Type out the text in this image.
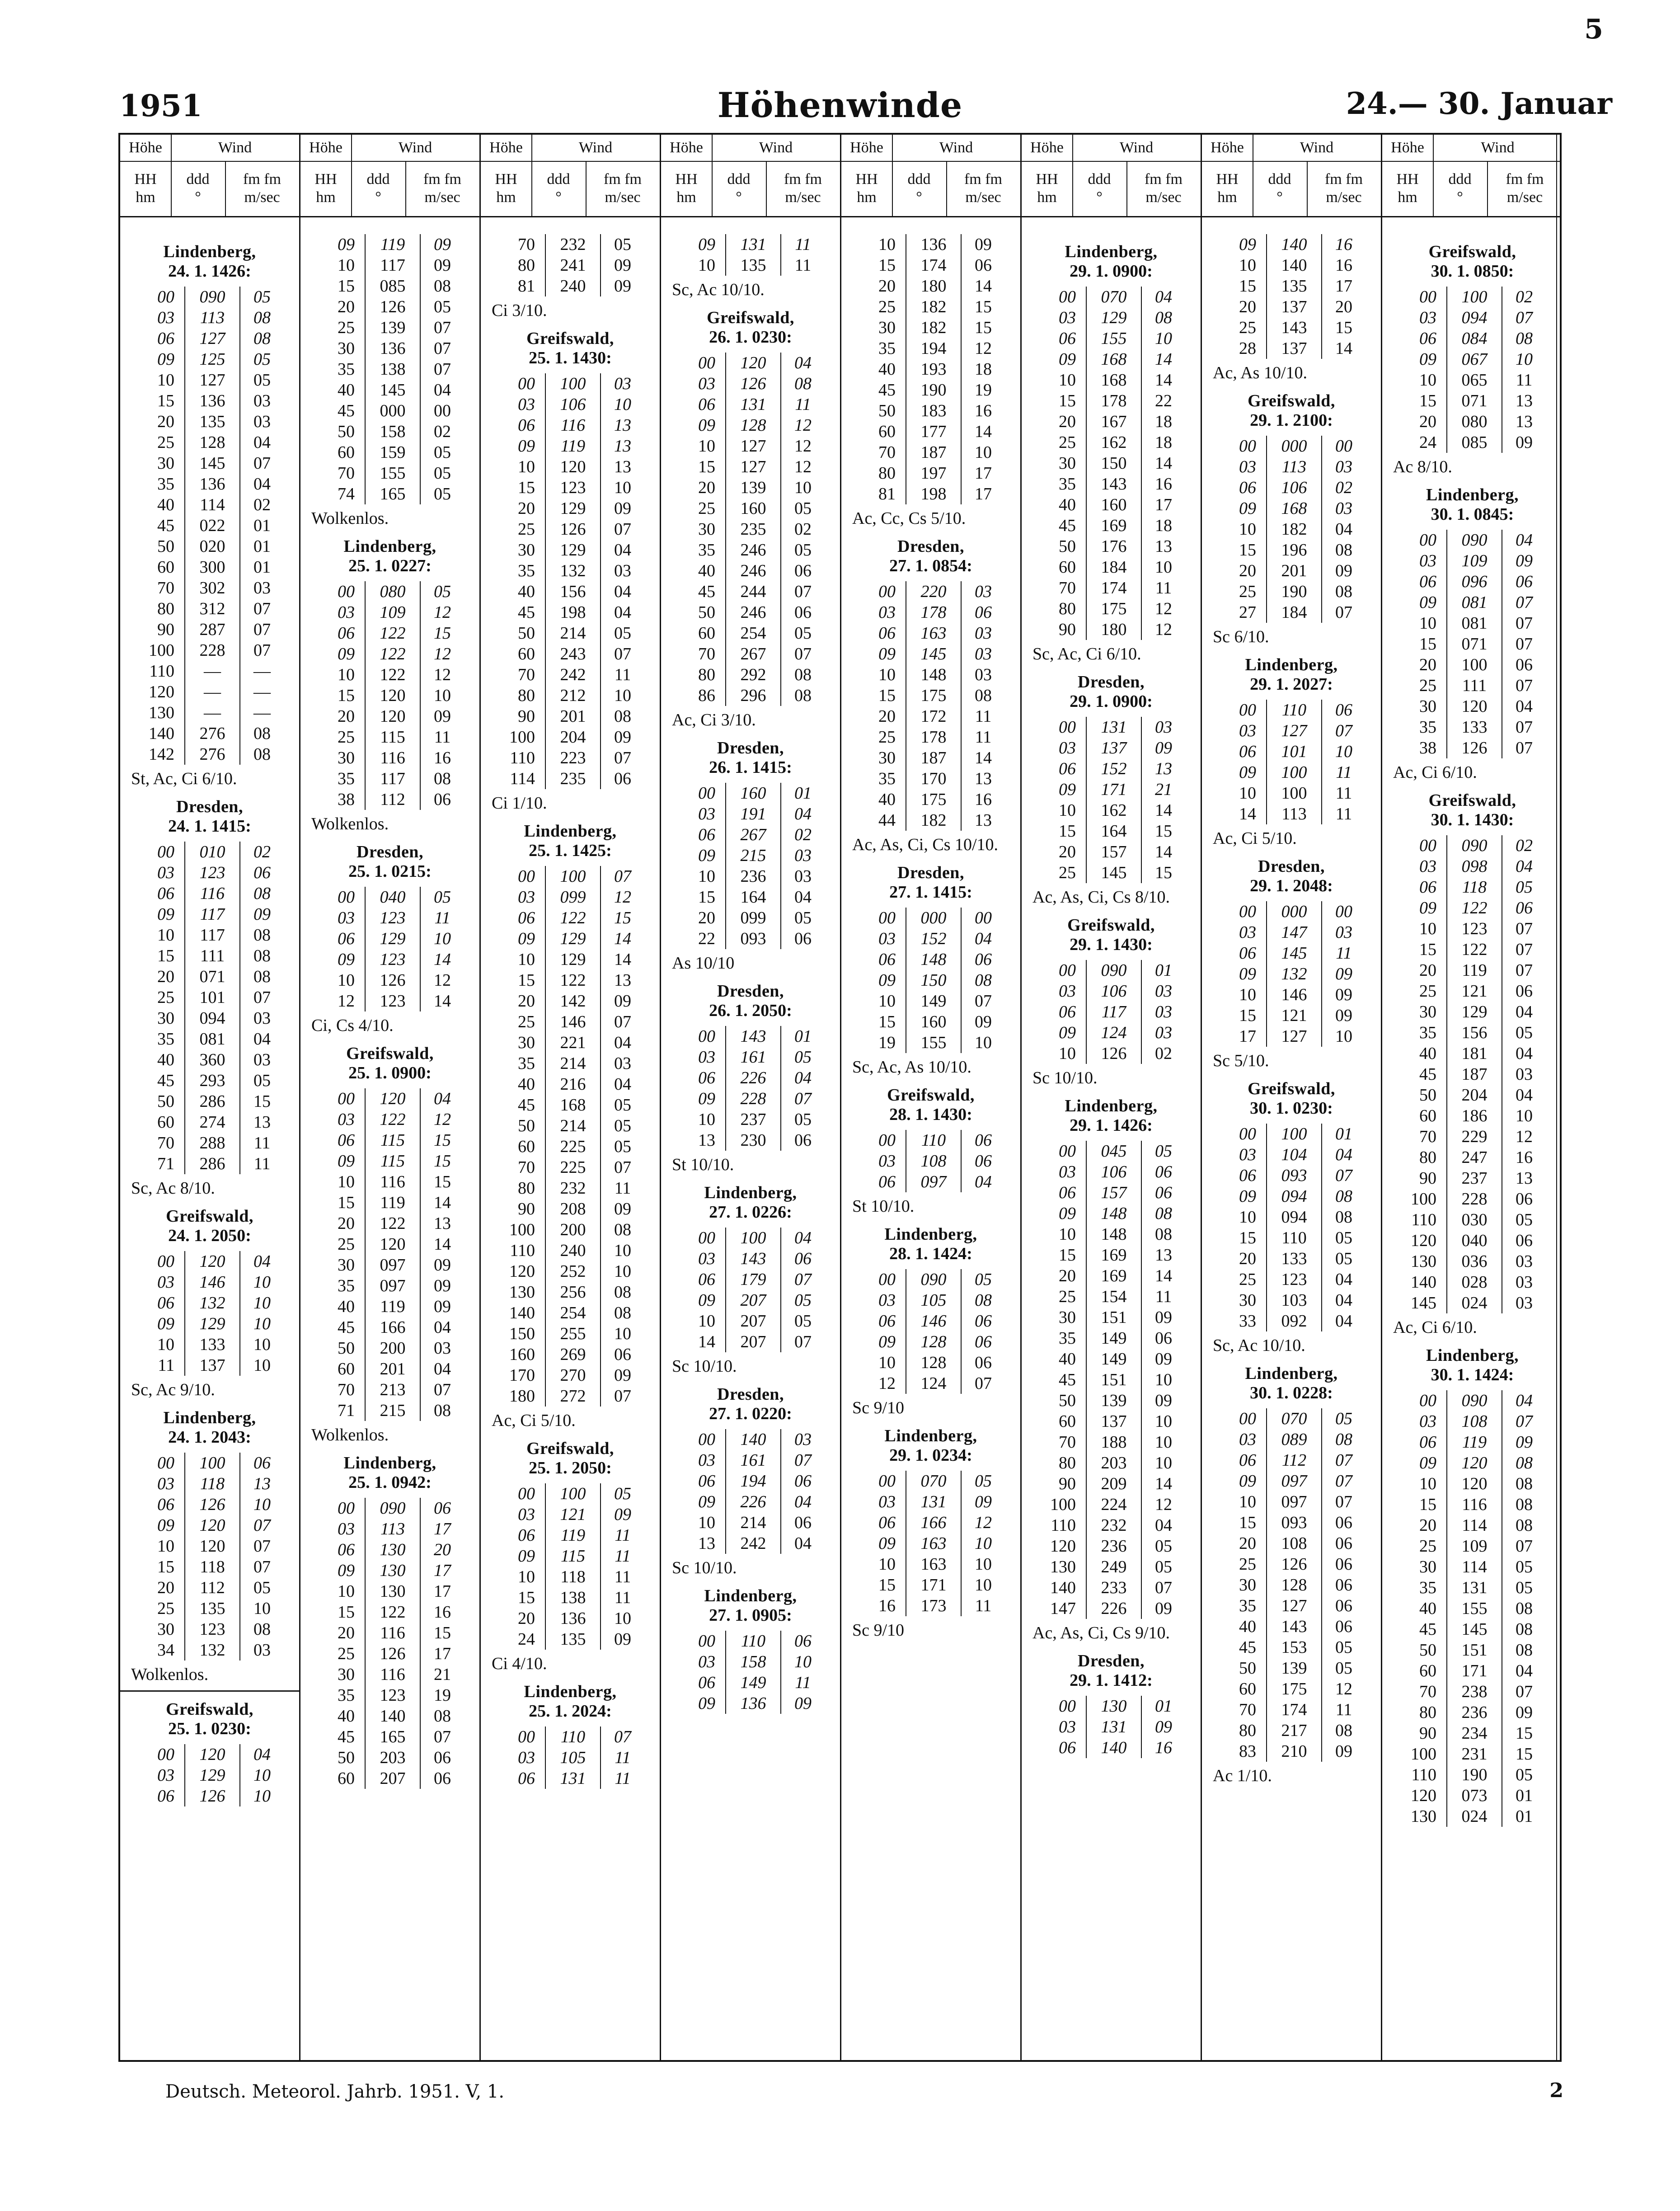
5
1951	Höhenwinde	24.— 30. Januar
Höhe	Wind
HH
hm
ddd
°
fm fm
m/sec
Lindenberg,
24. 1. 1426:
00	090	05
03	113	08
06	127	08
09	125	05
10	127	05
15	136	03
20	135	03
25	128	04
30	145	07
35	136	04
40	114	02
45	022	01
50	020	01
60	300	01
70	302	03
80	312	07
90	287	07
100	228	07
110	—	—
120	—	—
130	—	—
140	276	08
142	276	08
St, Ac, Ci 6/10.
Dresden,
24. 1. 1415:
00	010	02
03	123	06
06	116	08
09	117	09
10	117	08
15	111	08
20	071	08
25	101	07
30	094	03
35	081	04
40	360	03
45	293	05
50	286	15
60	274	13
70	288	11
71	286	11
Sc, Ac 8/10.
Greifswald,
24. 1. 2050:
00	120	04
03	146	10
06	132	10
09	129	10
10	133	10
11	137	10
Sc, Ac 9/10.
Lindenberg,
24. 1. 2043:
00	100	06
03	118	13
06	126	10
09	120	07
10	120	07
15	118	07
20	112	05
25	135	10
30	123	08
34	132	03
Wolkenlos.
Greifswald,
25. 1. 0230:
00	120	04
03	129	10
06	126	10
Höhe	Wind
HH
hm
ddd
°
fm fm
m/sec
09	119	09
10	117	09
15	085	08
20	126	05
25	139	07
30	136	07
35	138	07
40	145	04
45	000	00
50	158	02
60	159	05
70	155	05
74	165	05
Wolkenlos.
Lindenberg,
25. 1. 0227:
00	080	05
03	109	12
06	122	15
09	122	12
10	122	12
15	120	10
20	120	09
25	115	11
30	116	16
35	117	08
38	112	06
Wolkenlos.
Dresden,
25. 1. 0215:
00	040	05
03	123	11
06	129	10
09	123	14
10	126	12
12	123	14
Ci, Cs 4/10.
Greifswald,
25. 1. 0900:
00	120	04
03	122	12
06	115	15
09	115	15
10	116	15
15	119	14
20	122	13
25	120	14
30	097	09
35	097	09
40	119	09
45	166	04
50	200	03
60	201	04
70	213	07
71	215	08
Wolkenlos.
Lindenberg,
25. 1. 0942:
00	090	06
03	113	17
06	130	20
09	130	17
10	130	17
15	122	16
20	116	15
25	126	17
30	116	21
35	123	19
40	140	08
45	165	07
50	203	06
60	207	06
Höhe	Wind
HH
hm
ddd
°
fm fm
m/sec
70	232	05
80	241	09
81	240	09
Ci 3/10.
Greifswald,
25. 1. 1430:
00	100	03
03	106	10
06	116	13
09	119	13
10	120	13
15	123	10
20	129	09
25	126	07
30	129	04
35	132	03
40	156	04
45	198	04
50	214	05
60	243	07
70	242	11
80	212	10
90	201	08
100	204	09
110	223	07
114	235	06
Ci 1/10.
Lindenberg,
25. 1. 1425:
00	100	07
03	099	12
06	122	15
09	129	14
10	129	14
15	122	13
20	142	09
25	146	07
30	221	04
35	214	03
40	216	04
45	168	05
50	214	05
60	225	05
70	225	07
80	232	11
90	208	09
100	200	08
110	240	10
120	252	10
130	256	08
140	254	08
150	255	10
160	269	06
170	270	09
180	272	07
Ac, Ci 5/10.
Greifswald,
25. 1. 2050:
00	100	05
03	121	09
06	119	11
09	115	11
10	118	11
15	138	11
20	136	10
24	135	09
Ci 4/10.
Lindenberg,
25. 1. 2024:
00	110	07
03	105	11
06	131	11
Höhe	Wind
HH
hm
ddd
°
fm fm
m/sec
09	131	11
10	135	11
Sc, Ac 10/10.
Greifswald,
26. 1. 0230:
00	120	04
03	126	08
06	131	11
09	128	12
10	127	12
15	127	12
20	139	10
25	160	05
30	235	02
35	246	05
40	246	06
45	244	07
50	246	06
60	254	05
70	267	07
80	292	08
86	296	08
Ac, Ci 3/10.
Dresden,
26. 1. 1415:
00	160	01
03	191	04
06	267	02
09	215	03
10	236	03
15	164	04
20	099	05
22	093	06
As 10/10
Dresden,
26. 1. 2050:
00	143	01
03	161	05
06	226	04
09	228	07
10	237	05
13	230	06
St 10/10.
Lindenberg,
27. 1. 0226:
00	100	04
03	143	06
06	179	07
09	207	05
10	207	05
14	207	07
Sc 10/10.
Dresden,
27. 1. 0220:
00	140	03
03	161	07
06	194	06
09	226	04
10	214	06
13	242	04
Sc 10/10.
Lindenberg,
27. 1. 0905:
00	110	06
03	158	10
06	149	11
09	136	09
Höhe	Wind
HH
hm
ddd
°
fm fm
m/sec
10	136	09
15	174	06
20	180	14
25	182	15
30	182	15
35	194	12
40	193	18
45	190	19
50	183	16
60	177	14
70	187	10
80	197	17
81	198	17
Ac, Cc, Cs 5/10.
Dresden,
27. 1. 0854:
00	220	03
03	178	06
06	163	03
09	145	03
10	148	03
15	175	08
20	172	11
25	178	11
30	187	14
35	170	13
40	175	16
44	182	13
Ac, As, Ci, Cs 10/10.
Dresden,
27. 1. 1415:
00	000	00
03	152	04
06	148	06
09	150	08
10	149	07
15	160	09
19	155	10
Sc, Ac, As 10/10.
Greifswald,
28. 1. 1430:
00	110	06
03	108	06
06	097	04
St 10/10.
Lindenberg,
28. 1. 1424:
00	090	05
03	105	08
06	146	06
09	128	06
10	128	06
12	124	07
Sc 9/10
Lindenberg,
29. 1. 0234:
00	070	05
03	131	09
06	166	12
09	163	10
10	163	10
15	171	10
16	173	11
Sc 9/10
Höhe	Wind
HH
hm
ddd
°
fm fm
m/sec
Lindenberg,
29. 1. 0900:
00	070	04
03	129	08
06	155	10
09	168	14
10	168	14
15	178	22
20	167	18
25	162	18
30	150	14
35	143	16
40	160	17
45	169	18
50	176	13
60	184	10
70	174	11
80	175	12
90	180	12
Sc, Ac, Ci 6/10.
Dresden,
29. 1. 0900:
00	131	03
03	137	09
06	152	13
09	171	21
10	162	14
15	164	15
20	157	14
25	145	15
Ac, As, Ci, Cs 8/10.
Greifswald,
29. 1. 1430:
00	090	01
03	106	03
06	117	03
09	124	03
10	126	02
Sc 10/10.
Lindenberg,
29. 1. 1426:
00	045	05
03	106	06
06	157	06
09	148	08
10	148	08
15	169	13
20	169	14
25	154	11
30	151	09
35	149	06
40	149	09
45	151	10
50	139	09
60	137	10
70	188	10
80	203	10
90	209	14
100	224	12
110	232	04
120	236	05
130	249	05
140	233	07
147	226	09
Ac, As, Ci, Cs 9/10.
Dresden,
29. 1. 1412:
00	130	01
03	131	09
06	140	16
Höhe	Wind
HH
hm
ddd
°
fm fm
m/sec
09	140	16
10	140	16
15	135	17
20	137	20
25	143	15
28	137	14
Ac, As 10/10.
Greifswald,
29. 1. 2100:
00	000	00
03	113	03
06	106	02
09	168	03
10	182	04
15	196	08
20	201	09
25	190	08
27	184	07
Sc 6/10.
Lindenberg,
29. 1. 2027:
00	110	06
03	127	07
06	101	10
09	100	11
10	100	11
14	113	11
Ac, Ci 5/10.
Dresden,
29. 1. 2048:
00	000	00
03	147	03
06	145	11
09	132	09
10	146	09
15	121	09
17	127	10
Sc 5/10.
Greifswald,
30. 1. 0230:
00	100	01
03	104	04
06	093	07
09	094	08
10	094	08
15	110	05
20	133	05
25	123	04
30	103	04
33	092	04
Sc, Ac 10/10.
Lindenberg,
30. 1. 0228:
00	070	05
03	089	08
06	112	07
09	097	07
10	097	07
15	093	06
20	108	06
25	126	06
30	128	06
35	127	06
40	143	06
45	153	05
50	139	05
60	175	12
70	174	11
80	217	08
83	210	09
Ac 1/10.
Höhe	Wind
HH
hm
ddd
°
fm fm
m/sec
Greifswald,
30. 1. 0850:
00	100	02
03	094	07
06	084	08
09	067	10
10	065	11
15	071	13
20	080	13
24	085	09
Ac 8/10.
Lindenberg,
30. 1. 0845:
00	090	04
03	109	09
06	096	06
09	081	07
10	081	07
15	071	07
20	100	06
25	111	07
30	120	04
35	133	07
38	126	07
Ac, Ci 6/10.
Greifswald,
30. 1. 1430:
00	090	02
03	098	04
06	118	05
09	122	06
10	123	07
15	122	07
20	119	07
25	121	06
30	129	04
35	156	05
40	181	04
45	187	03
50	204	04
60	186	10
70	229	12
80	247	16
90	237	13
100	228	06
110	030	05
120	040	06
130	036	03
140	028	03
145	024	03
Ac, Ci 6/10.
Lindenberg,
30. 1. 1424:
00	090	04
03	108	07
06	119	09
09	120	08
10	120	08
15	116	08
20	114	08
25	109	07
30	114	05
35	131	05
40	155	08
45	145	08
50	151	08
60	171	04
70	238	07
80	236	09
90	234	15
100	231	15
110	190	05
120	073	01
130	024	01
Deutsch. Meteorol. Jahrb. 1951. V, 1.	2
